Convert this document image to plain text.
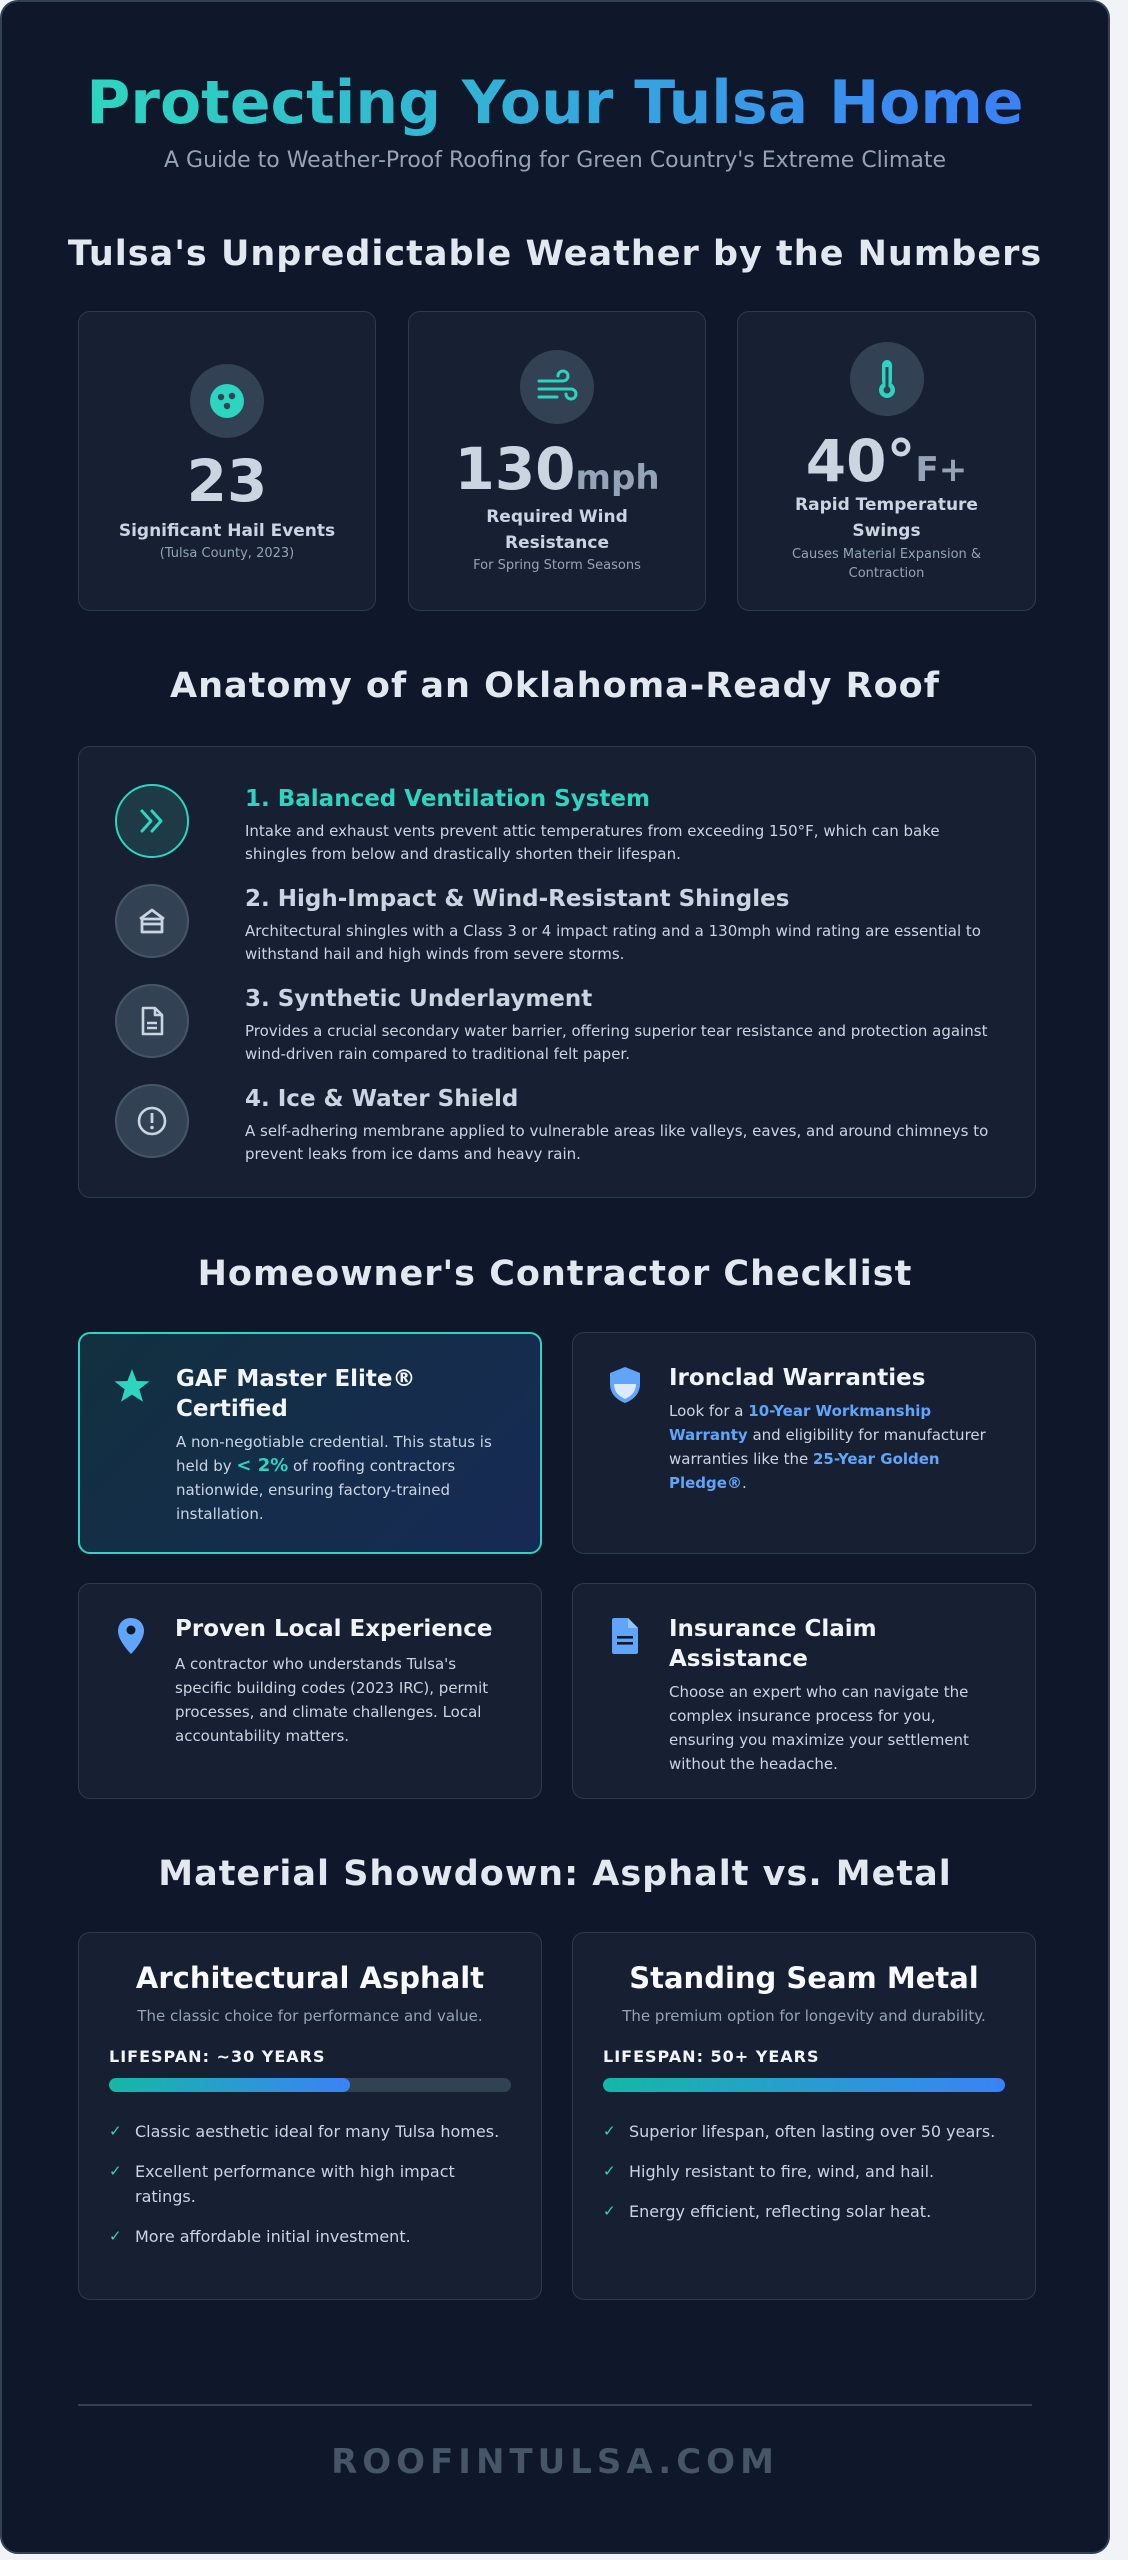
Protecting Your Tulsa Home
A Guide to Weather-Proof Roofing for Green Country's Extreme Climate
Tulsa's Unpredictable Weather by the Numbers
23
Significant Hail Events
(Tulsa County, 2023)
130mph
Required Wind Resistance
For Spring Storm Seasons
40°F+
Rapid Temperature Swings
Causes Material Expansion & Contraction
Anatomy of an Oklahoma-Ready Roof
1. Balanced Ventilation System
Intake and exhaust vents prevent attic temperatures from exceeding 150°F, which can bake shingles from below and drastically shorten their lifespan.
2. High-Impact & Wind-Resistant Shingles
Architectural shingles with a Class 3 or 4 impact rating and a 130mph wind rating are essential to withstand hail and high winds from severe storms.
3. Synthetic Underlayment
Provides a crucial secondary water barrier, offering superior tear resistance and protection against wind-driven rain compared to traditional felt paper.
4. Ice & Water Shield
A self-adhering membrane applied to vulnerable areas like valleys, eaves, and around chimneys to prevent leaks from ice dams and heavy rain.
Homeowner's Contractor Checklist
GAF Master Elite® Certified
A non-negotiable credential. This status is held by < 2% of roofing contractors nationwide, ensuring factory-trained installation.
Ironclad Warranties
Look for a 10-Year Workmanship Warranty and eligibility for manufacturer warranties like the 25-Year Golden Pledge®.
Proven Local Experience
A contractor who understands Tulsa's specific building codes (2023 IRC), permit processes, and climate challenges. Local accountability matters.
Insurance Claim Assistance
Choose an expert who can navigate the complex insurance process for you, ensuring you maximize your settlement without the headache.
Material Showdown: Asphalt vs. Metal
Architectural Asphalt
The classic choice for performance and value.
LIFESPAN: ~30 YEARS
✓ Classic aesthetic ideal for many Tulsa homes.
✓ Excellent performance with high impact ratings.
✓ More affordable initial investment.
Standing Seam Metal
The premium option for longevity and durability.
LIFESPAN: 50+ YEARS
✓ Superior lifespan, often lasting over 50 years.
✓ Highly resistant to fire, wind, and hail.
✓ Energy efficient, reflecting solar heat.
ROOFINTULSA.COM
